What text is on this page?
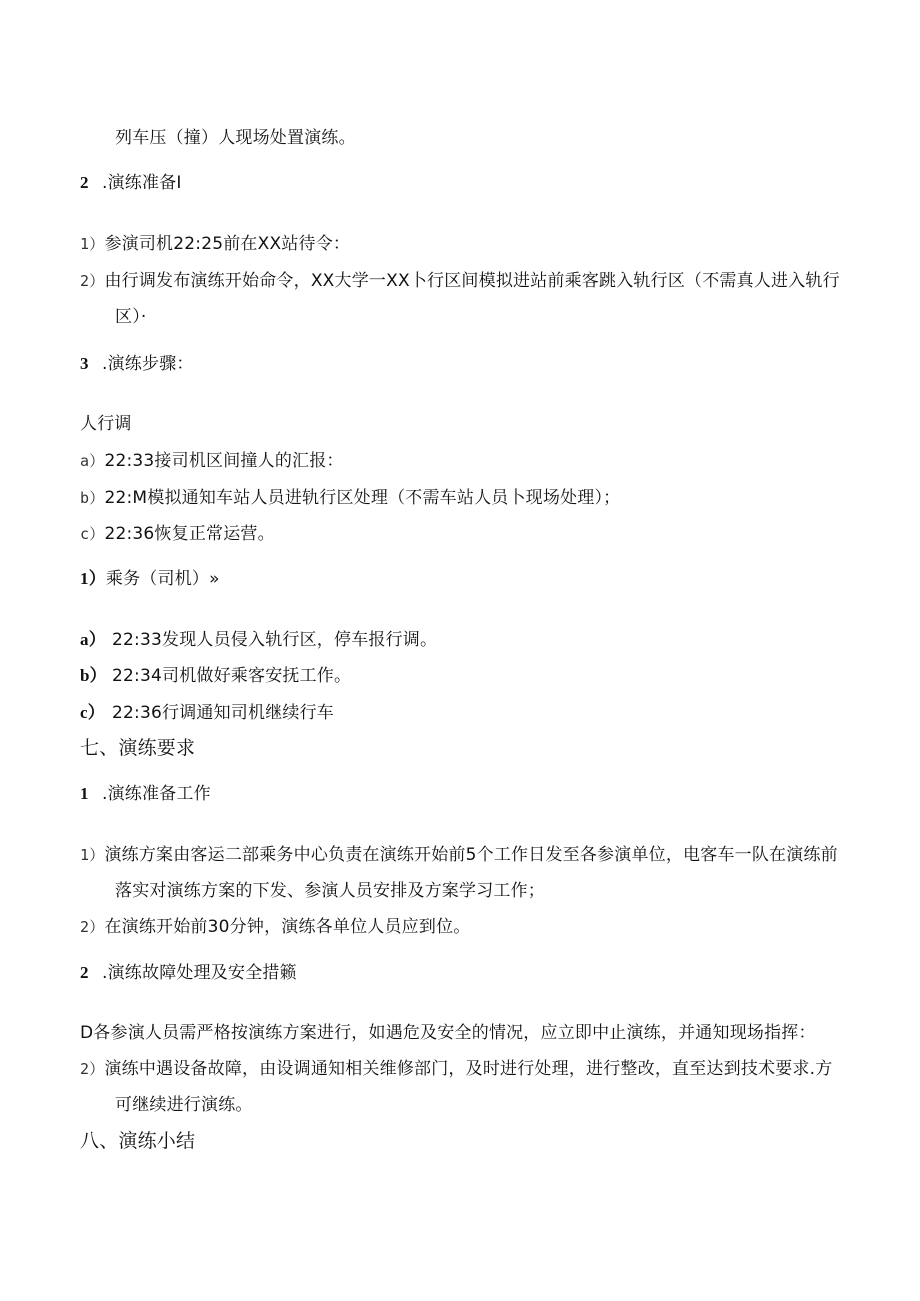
列车压（撞）人现场处置演练。
2 .演练准备I
1）参演司机22:25前在XX站待令：
2）由行调发布演练开始命令，XX大学一XX卜行区间模拟进站前乘客跳入轨行区（不需真人进入轨行
区）·
3 .演练步骤：
人行调
a）22:33接司机区间撞人的汇报：
b）22:M模拟通知车站人员进轨行区处理（不需车站人员卜现场处理）；
c）22:36恢复正常运营。
1）乘务（司机）»
a） 22:33发现人员侵入轨行区，停车报行调。
b） 22:34司机做好乘客安抚工作。
c） 22:36行调通知司机继续行车
七、演练要求
1 .演练准备工作
1）演练方案由客运二部乘务中心负责在演练开始前5个工作日发至各参演单位，电客车一队在演练前
落实对演练方案的下发、参演人员安排及方案学习工作；
2）在演练开始前30分钟，演练各单位人员应到位。
2 .演练故障处理及安全措籁
D各参演人员需严格按演练方案进行，如遇危及安全的情况，应立即中止演练，并通知现场指挥：
2）演练中遇设备故障，由设调通知相关维修部门，及时进行处理，进行整改，直至达到技术要求.方
可继续进行演练。
八、演练小结
